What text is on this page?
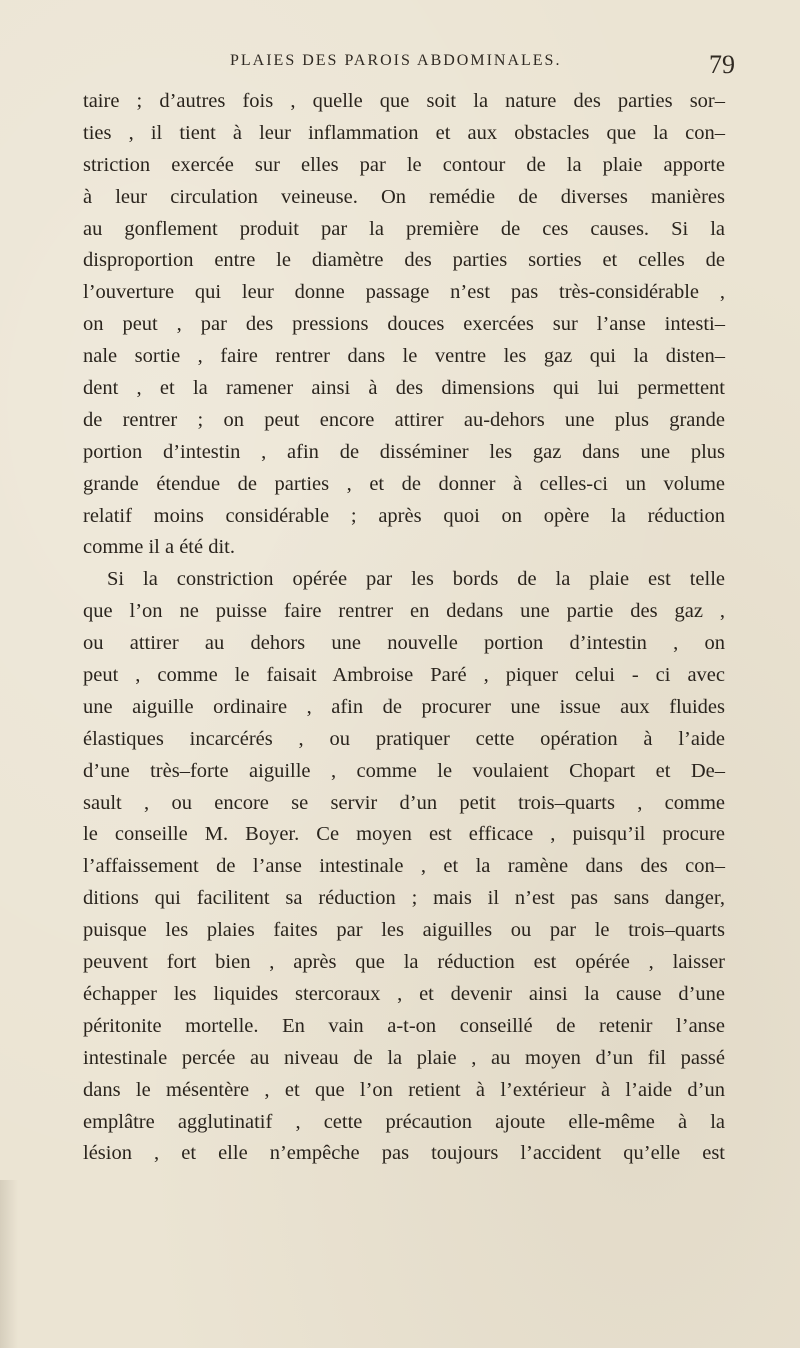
PLAIES DES PAROIS ABDOMINALES.	79
taire ; d’autres fois , quelle que soit la nature des parties sor–
ties , il tient à leur inflammation et aux obstacles que la con–
striction exercée sur elles par le contour de la plaie apporte
à leur circulation veineuse. On remédie de diverses manières
au gonflement produit par la première de ces causes. Si la
disproportion entre le diamètre des parties sorties et celles de
l’ouverture qui leur donne passage n’est pas très-considérable ,
on peut , par des pressions douces exercées sur l’anse intesti–
nale sortie , faire rentrer dans le ventre les gaz qui la disten–
dent , et la ramener ainsi à des dimensions qui lui permettent
de rentrer ; on peut encore attirer au-dehors une plus grande
portion d’intestin , afin de disséminer les gaz dans une plus
grande étendue de parties , et de donner à celles-ci un volume
relatif moins considérable ; après quoi on opère la réduction
comme il a été dit.
Si la constriction opérée par les bords de la plaie est telle
que l’on ne puisse faire rentrer en dedans une partie des gaz ,
ou attirer au dehors une nouvelle portion d’intestin , on
peut , comme le faisait Ambroise Paré , piquer celui - ci avec
une aiguille ordinaire , afin de procurer une issue aux fluides
élastiques incarcérés , ou pratiquer cette opération à l’aide
d’une très–forte aiguille , comme le voulaient Chopart et De–
sault , ou encore se servir d’un petit trois–quarts , comme
le conseille M. Boyer. Ce moyen est efficace , puisqu’il procure
l’affaissement de l’anse intestinale , et la ramène dans des con–
ditions qui facilitent sa réduction ; mais il n’est pas sans danger,
puisque les plaies faites par les aiguilles ou par le trois–quarts
peuvent fort bien , après que la réduction est opérée , laisser
échapper les liquides stercoraux , et devenir ainsi la cause d’une
péritonite mortelle. En vain a-t-on conseillé de retenir l’anse
intestinale percée au niveau de la plaie , au moyen d’un fil passé
dans le mésentère , et que l’on retient à l’extérieur à l’aide d’un
emplâtre agglutinatif , cette précaution ajoute elle-même à la
lésion , et elle n’empêche pas toujours l’accident qu’elle est
